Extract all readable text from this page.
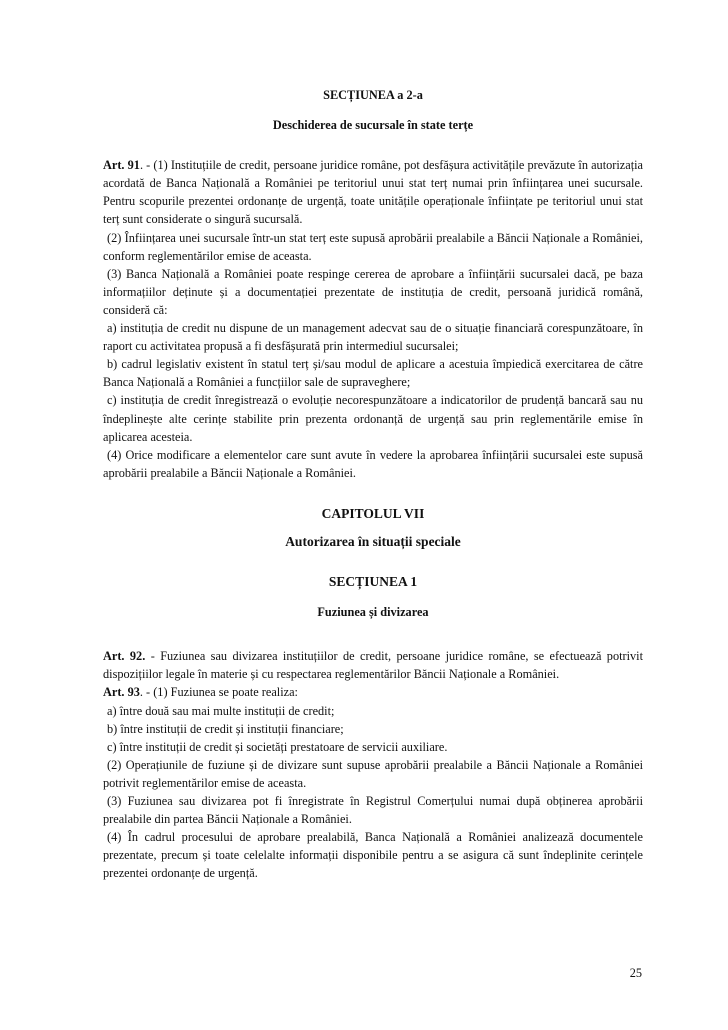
SECȚIUNEA a 2-a
Deschiderea de sucursale în state terțe

Art. 91. - (1) Instituțiile de credit, persoane juridice române, pot desfășura activitățile prevăzute în autorizația acordată de Banca Națională a României pe teritoriul unui stat terț numai prin înființarea unei sucursale. Pentru scopurile prezentei ordonanțe de urgență, toate unitățile operaționale înființate pe teritoriul unui stat terț sunt considerate o singură sucursală.

(2) Înființarea unei sucursale într-un stat terț este supusă aprobării prealabile a Băncii Naționale a României, conform reglementărilor emise de aceasta.

(3) Banca Națională a României poate respinge cererea de aprobare a înființării sucursalei dacă, pe baza informațiilor deținute și a documentației prezentate de instituția de credit, persoană juridică română, consideră că:

a) instituția de credit nu dispune de un management adecvat sau de o situație financiară corespunzătoare, în raport cu activitatea propusă a fi desfășurată prin intermediul sucursalei;

b) cadrul legislativ existent în statul terț și/sau modul de aplicare a acestuia împiedică exercitarea de către Banca Națională a României a funcțiilor sale de supraveghere;

c) instituția de credit înregistrează o evoluție necorespunzătoare a indicatorilor de prudență bancară sau nu îndeplinește alte cerințe stabilite prin prezenta ordonanță de urgență sau prin reglementările emise în aplicarea acesteia.

(4) Orice modificare a elementelor care sunt avute în vedere la aprobarea înființării sucursalei este supusă aprobării prealabile a Băncii Naționale a României.

CAPITOLUL VII
Autorizarea în situații speciale
SECȚIUNEA 1
Fuziunea și divizarea

Art. 92. - Fuziunea sau divizarea instituțiilor de credit, persoane juridice române, se efectuează potrivit dispozițiilor legale în materie și cu respectarea reglementărilor Băncii Naționale a României.

Art. 93. - (1) Fuziunea se poate realiza:

a) între două sau mai multe instituții de credit;

b) între instituții de credit și instituții financiare;

c) între instituții de credit și societăți prestatoare de servicii auxiliare.

(2) Operațiunile de fuziune și de divizare sunt supuse aprobării prealabile a Băncii Naționale a României potrivit reglementărilor emise de aceasta.

(3) Fuziunea sau divizarea pot fi înregistrate în Registrul Comerțului numai după obținerea aprobării prealabile din partea Băncii Naționale a României.

(4) În cadrul procesului de aprobare prealabilă, Banca Națională a României analizează documentele prezentate, precum și toate celelalte informații disponibile pentru a se asigura că sunt îndeplinite cerințele prezentei ordonanțe de urgență.

25
